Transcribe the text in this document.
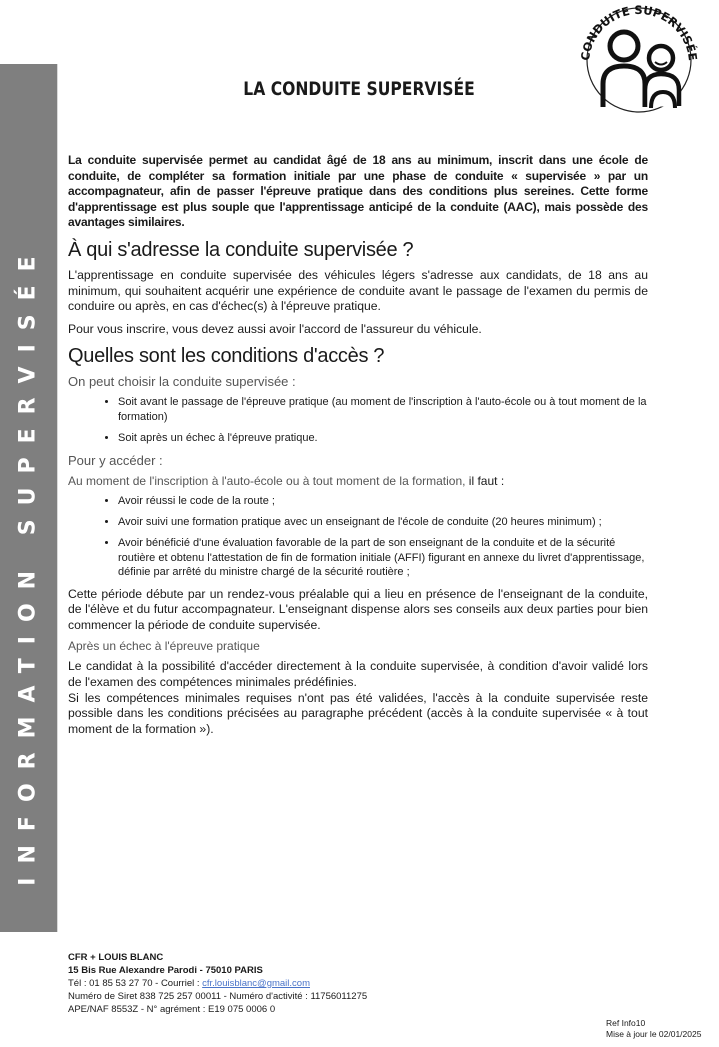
INFORMATION SUPERVISÉE
CONDUITE SUPERVISÉE
LA CONDUITE SUPERVISÉE

La conduite supervisée permet au candidat âgé de 18 ans au minimum, inscrit dans une école de conduite, de compléter sa formation initiale par une phase de conduite « supervisée » par un accompagnateur, afin de passer l'épreuve pratique dans des conditions plus sereines. Cette forme d'apprentissage est plus souple que l'apprentissage anticipé de la conduite (AAC), mais possède des avantages similaires.

À qui s'adresse la conduite supervisée ?

L'apprentissage en conduite supervisée des véhicules légers s'adresse aux candidats, de 18 ans au minimum, qui souhaitent acquérir une expérience de conduite avant le passage de l'examen du permis de conduire ou après, en cas d'échec(s) à l'épreuve pratique.

Pour vous inscrire, vous devez aussi avoir l'accord de l'assureur du véhicule.

Quelles sont les conditions d'accès ?
On peut choisir la conduite supervisée :
• Soit avant le passage de l'épreuve pratique (au moment de l'inscription à l'auto-école ou à tout moment de la formation)
• Soit après un échec à l'épreuve pratique.
Pour y accéder :
Au moment de l'inscription à l'auto-école ou à tout moment de la formation, il faut :
• Avoir réussi le code de la route ;
• Avoir suivi une formation pratique avec un enseignant de l'école de conduite (20 heures minimum) ;
• Avoir bénéficié d'une évaluation favorable de la part de son enseignant de la conduite et de la sécurité routière et obtenu l'attestation de fin de formation initiale (AFFI) figurant en annexe du livret d'apprentissage, définie par arrêté du ministre chargé de la sécurité routière ;

Cette période débute par un rendez-vous préalable qui a lieu en présence de l'enseignant de la conduite, de l'élève et du futur accompagnateur. L'enseignant dispense alors ses conseils aux deux parties pour bien commencer la période de conduite supervisée.

Après un échec à l'épreuve pratique

Le candidat à la possibilité d'accéder directement à la conduite supervisée, à condition d'avoir validé lors de l'examen des compétences minimales prédéfinies.

Si les compétences minimales requises n'ont pas été validées, l'accès à la conduite supervisée reste possible dans les conditions précisées au paragraphe précédent (accès à la conduite supervisée « à tout moment de la formation »).

CFR + LOUIS BLANC
15 Bis Rue Alexandre Parodi - 75010 PARIS
Tél : 01 85 53 27 70 - Courriel : cfr.louisblanc@gmail.com
Numéro de Siret 838 725 257 00011 - Numéro d'activité : 11756011275
APE/NAF 8553Z - N° agrément : E19 075 0006 0
Ref Info10
Mise à jour le 02/01/2025
